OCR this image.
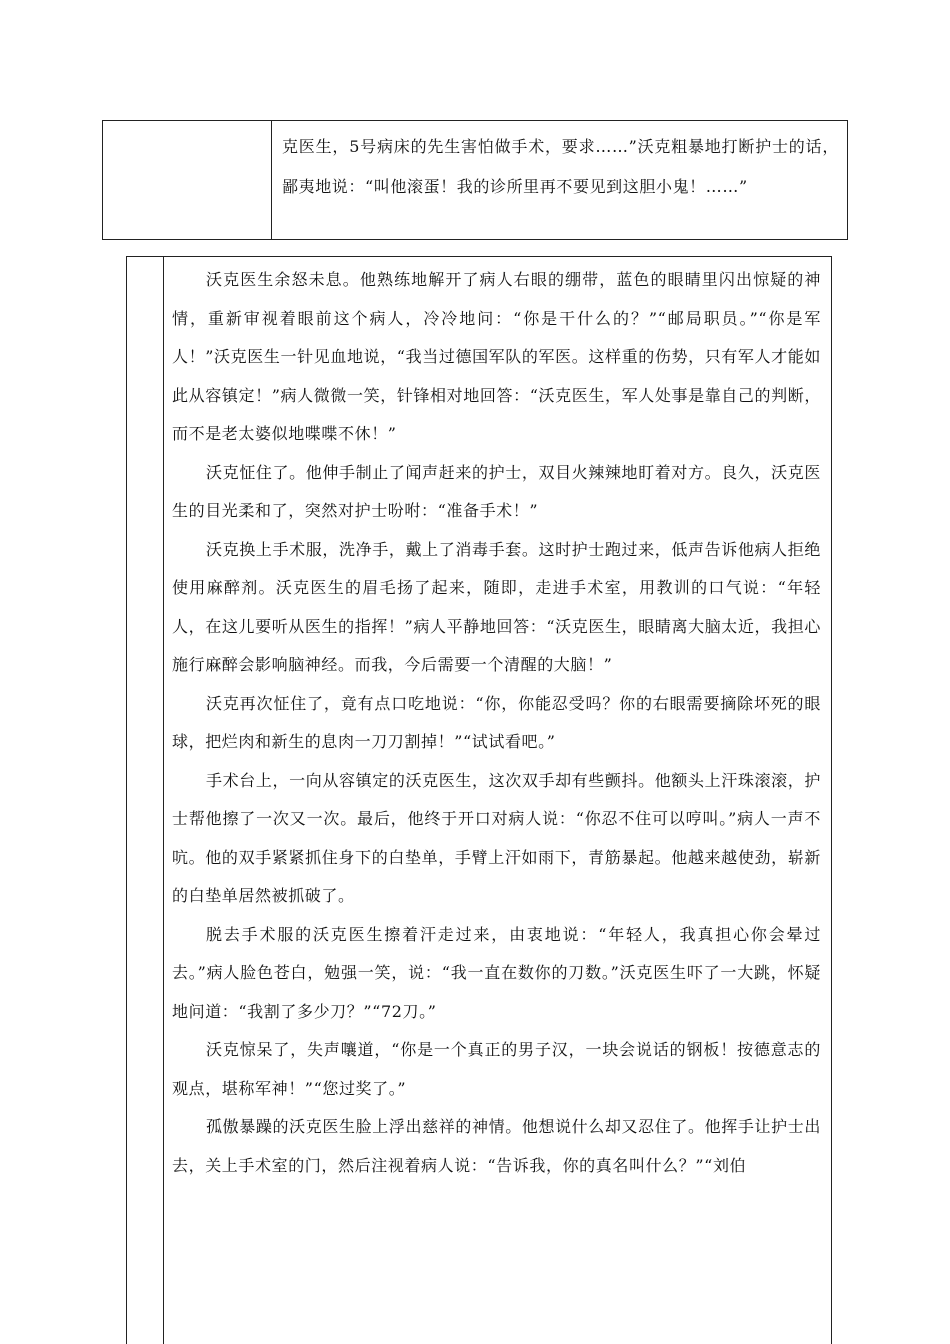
克医生，5号病床的先生害怕做手术，要求……”沃克粗暴地打断护士的话，鄙夷地说：“叫他滚蛋！我的诊所里再不要见到这胆小鬼！……”

沃克医生余怒未息。他熟练地解开了病人右眼的绷带，蓝色的眼睛里闪出惊疑的神情，重新审视着眼前这个病人，冷冷地问：“你是干什么的？”“邮局职员。”“你是军人！”沃克医生一针见血地说，“我当过德国军队的军医。这样重的伤势，只有军人才能如此从容镇定！”病人微微一笑，针锋相对地回答：“沃克医生，军人处事是靠自己的判断，而不是老太婆似地喋喋不休！”

沃克怔住了。他伸手制止了闻声赶来的护士，双目火辣辣地盯着对方。良久，沃克医生的目光柔和了，突然对护士吩咐：“准备手术！”

沃克换上手术服，洗净手，戴上了消毒手套。这时护士跑过来，低声告诉他病人拒绝使用麻醉剂。沃克医生的眉毛扬了起来，随即，走进手术室，用教训的口气说：“年轻人，在这儿要听从医生的指挥！”病人平静地回答：“沃克医生，眼睛离大脑太近，我担心施行麻醉会影响脑神经。而我，今后需要一个清醒的大脑！”

沃克再次怔住了，竟有点口吃地说：“你，你能忍受吗？你的右眼需要摘除坏死的眼球，把烂肉和新生的息肉一刀刀割掉！”“试试看吧。”

手术台上，一向从容镇定的沃克医生，这次双手却有些颤抖。他额头上汗珠滚滚，护士帮他擦了一次又一次。最后，他终于开口对病人说：“你忍不住可以哼叫。”病人一声不吭。他的双手紧紧抓住身下的白垫单，手臂上汗如雨下，青筋暴起。他越来越使劲，崭新的白垫单居然被抓破了。

脱去手术服的沃克医生擦着汗走过来，由衷地说：“年轻人，我真担心你会晕过去。”病人脸色苍白，勉强一笑，说：“我一直在数你的刀数。”沃克医生吓了一大跳，怀疑地问道：“我割了多少刀？”“72刀。”

沃克惊呆了，失声嚷道，“你是一个真正的男子汉，一块会说话的钢板！按德意志的观点，堪称军神！”“您过奖了。”

孤傲暴躁的沃克医生脸上浮出慈祥的神情。他想说什么却又忍住了。他挥手让护士出去，关上手术室的门，然后注视着病人说：“告诉我，你的真名叫什么？”“刘伯
